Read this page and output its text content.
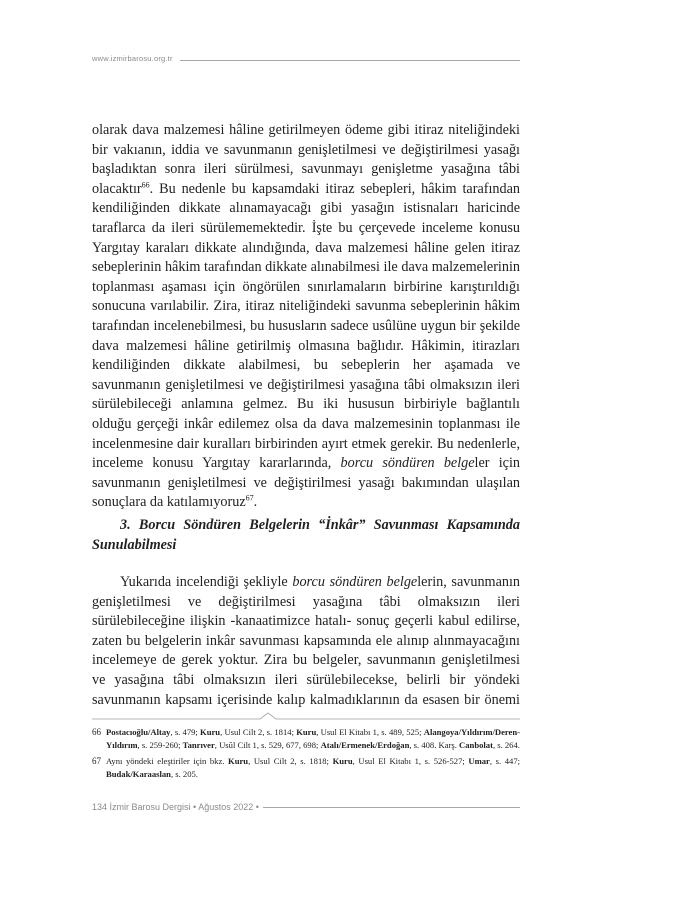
www.izmirbarosu.org.tr

olarak dava malzemesi hâline getirilmeyen ödeme gibi itiraz niteliğindeki bir vakıanın, iddia ve savunmanın genişletilmesi ve değiştirilmesi yasağı başladıktan sonra ileri sürülmesi, savunmayı genişletme yasağına tâbi olacaktır$^{66}$. Bu nedenle bu kapsamdaki itiraz sebepleri, hâkim tarafından kendiliğinden dikkate alınamayacağı gibi yasağın istisnaları haricinde taraflarca da ileri sürülememektedir. İşte bu çerçevede inceleme konusu Yargıtay karaları dikkate alındığında, dava malzemesi hâline gelen itiraz sebeplerinin hâkim tarafından dikkate alınabilmesi ile dava malzemelerinin toplanması aşaması için öngörülen sınırlamaların birbirine karıştırıldığı sonucuna varılabilir. Zira, itiraz niteliğindeki savunma sebeplerinin hâkim tarafından incelenebilmesi, bu hususların sadece usûlüne uygun bir şekilde dava malzemesi hâline getirilmiş olmasına bağlıdır. Hâkimin, itirazları kendiliğinden dikkate alabilmesi, bu sebeplerin her aşamada ve savunmanın genişletilmesi ve değiştirilmesi yasağına tâbi olmaksızın ileri sürülebileceği anlamına gelmez. Bu iki hususun birbiriyle bağlantılı olduğu gerçeği inkâr edilemez olsa da dava malzemesinin toplanması ile incelenmesine dair kuralları birbirinden ayırt etmek gerekir. Bu nedenlerle, inceleme konusu Yargıtay kararlarında, borcu söndüren belgeler için savunmanın genişletilmesi ve değiştirilmesi yasağı bakımından ulaşılan sonuçlara da katılamıyoruz$^{67}$.

3. Borcu Söndüren Belgelerin “İnkâr” Savunması Kapsamında Sunulabilmesi

Yukarıda incelendiği şekliyle borcu söndüren belgelerin, savunmanın genişletilmesi ve değiştirilmesi yasağına tâbi olmaksızın ileri sürülebileceğine ilişkin -kanaatimizce hatalı- sonuç geçerli kabul edilirse, zaten bu belgelerin inkâr savunması kapsamında ele alınıp alınmayacağını incelemeye de gerek yoktur. Zira bu belgeler, savunmanın genişletilmesi ve yasağına tâbi olmaksızın ileri sürülebilecekse, belirli bir yöndeki savunmanın kapsamı içerisinde kalıp kalmadıklarının da esasen bir önemi

66 Postacıoğlu/Altay, s. 479; Kuru, Usul Cilt 2, s. 1814; Kuru, Usul El Kitabı 1, s. 489, 525; Alangoya/Yıldırım/Deren-Yıldırım, s. 259-260; Tanrıver, Usûl Cilt 1, s. 529, 677, 698; Atalı/Ermenek/Erdoğan, s. 408. Karş. Canbolat, s. 264.
67 Aynı yöndeki eleştiriler için bkz. Kuru, Usul Cilt 2, s. 1818; Kuru, Usul El Kitabı 1, s. 526-527; Umar, s. 447; Budak/Karaaslan, s. 205.
134 İzmir Barosu Dergisi • Ağustos 2022 •
